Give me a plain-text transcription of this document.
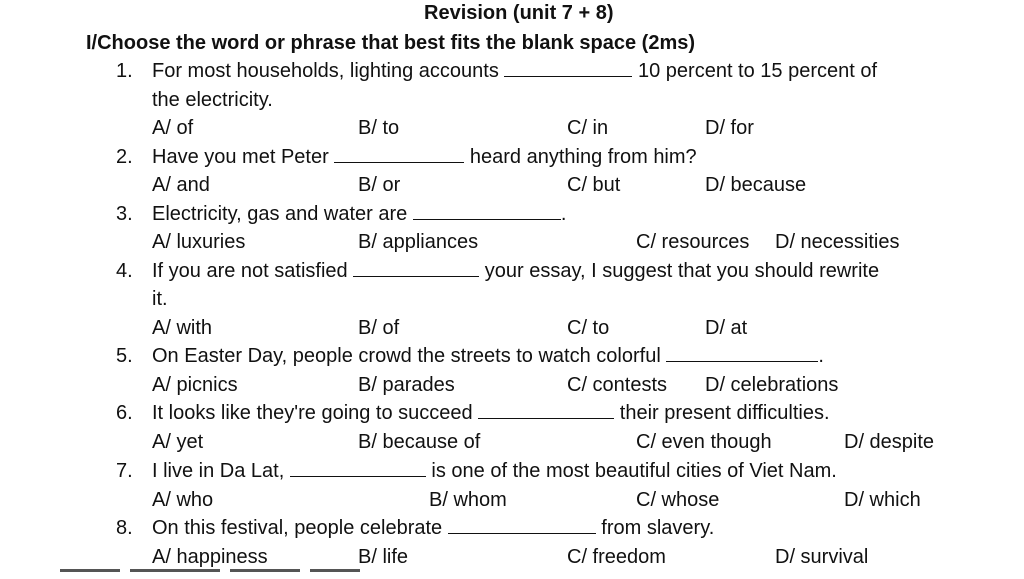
Revision (unit 7 + 8)
I/Choose the word or phrase that best fits the blank space (2ms)
1. For most households, lighting accounts	10 percent to 15 percent of
the electricity.
A/ of	B/ to	C/ in	D/ for
2. Have you met Peter	heard anything from him?
A/ and	B/ or	C/ but	D/ because
3. Electricity, gas and water are	.
A/ luxuries	B/ appliances	C/ resources D/ necessities
4. If you are not satisfied	your essay, I suggest that you should rewrite
it.
A/ with	B/ of	C/ to	D/ at
5. On Easter Day, people crowd the streets to watch colorful	.
A/ picnics	B/ parades	C/ contests D/ celebrations
6. It looks like they're going to succeed	their present difficulties.
A/ yet	B/ because of	C/ even though	D/ despite
7. I live in Da Lat,	is one of the most beautiful cities of Viet Nam.
A/ who	B/ whom	C/ whose	D/ which
8. On this festival, people celebrate	from slavery.
A/ happiness	B/ life	C/ freedom	D/ survival
